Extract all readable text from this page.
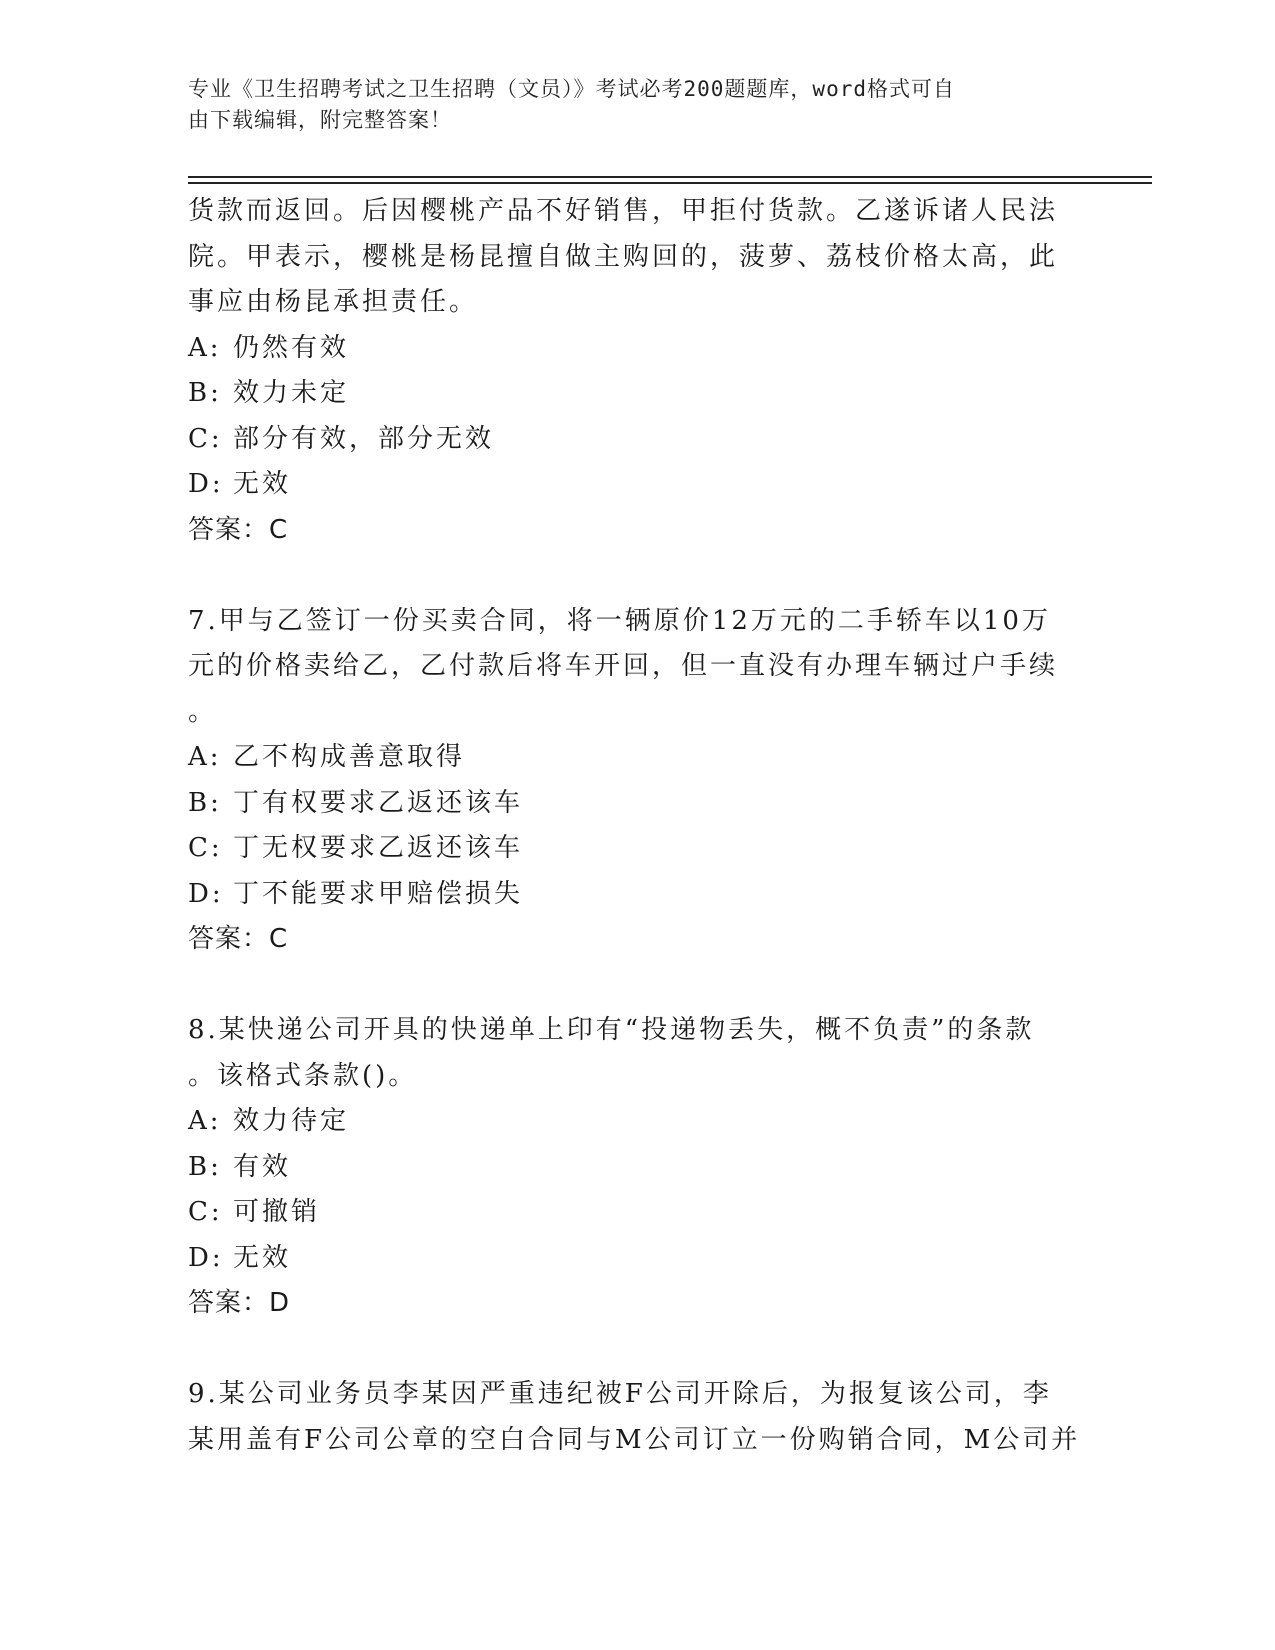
专业《卫生招聘考试之卫生招聘（文员）》考试必考200题题库，word格式可自
由下载编辑，附完整答案！
货款而返回。后因樱桃产品不好销售，甲拒付货款。乙遂诉诸人民法
院。甲表示，樱桃是杨昆擅自做主购回的，菠萝、荔枝价格太高，此
事应由杨昆承担责任。
A: 仍然有效
B: 效力未定
C: 部分有效，部分无效
D: 无效
答案：C
7.甲与乙签订一份买卖合同，将一辆原价12万元的二手轿车以10万
元的价格卖给乙，乙付款后将车开回，但一直没有办理车辆过户手续
。
A: 乙不构成善意取得
B: 丁有权要求乙返还该车
C: 丁无权要求乙返还该车
D: 丁不能要求甲赔偿损失
答案：C
8.某快递公司开具的快递单上印有“投递物丢失，概不负责”的条款
。该格式条款()。
A: 效力待定
B: 有效
C: 可撤销
D: 无效
答案：D
9.某公司业务员李某因严重违纪被F公司开除后，为报复该公司，李
某用盖有F公司公章的空白合同与M公司订立一份购销合同，M公司并
